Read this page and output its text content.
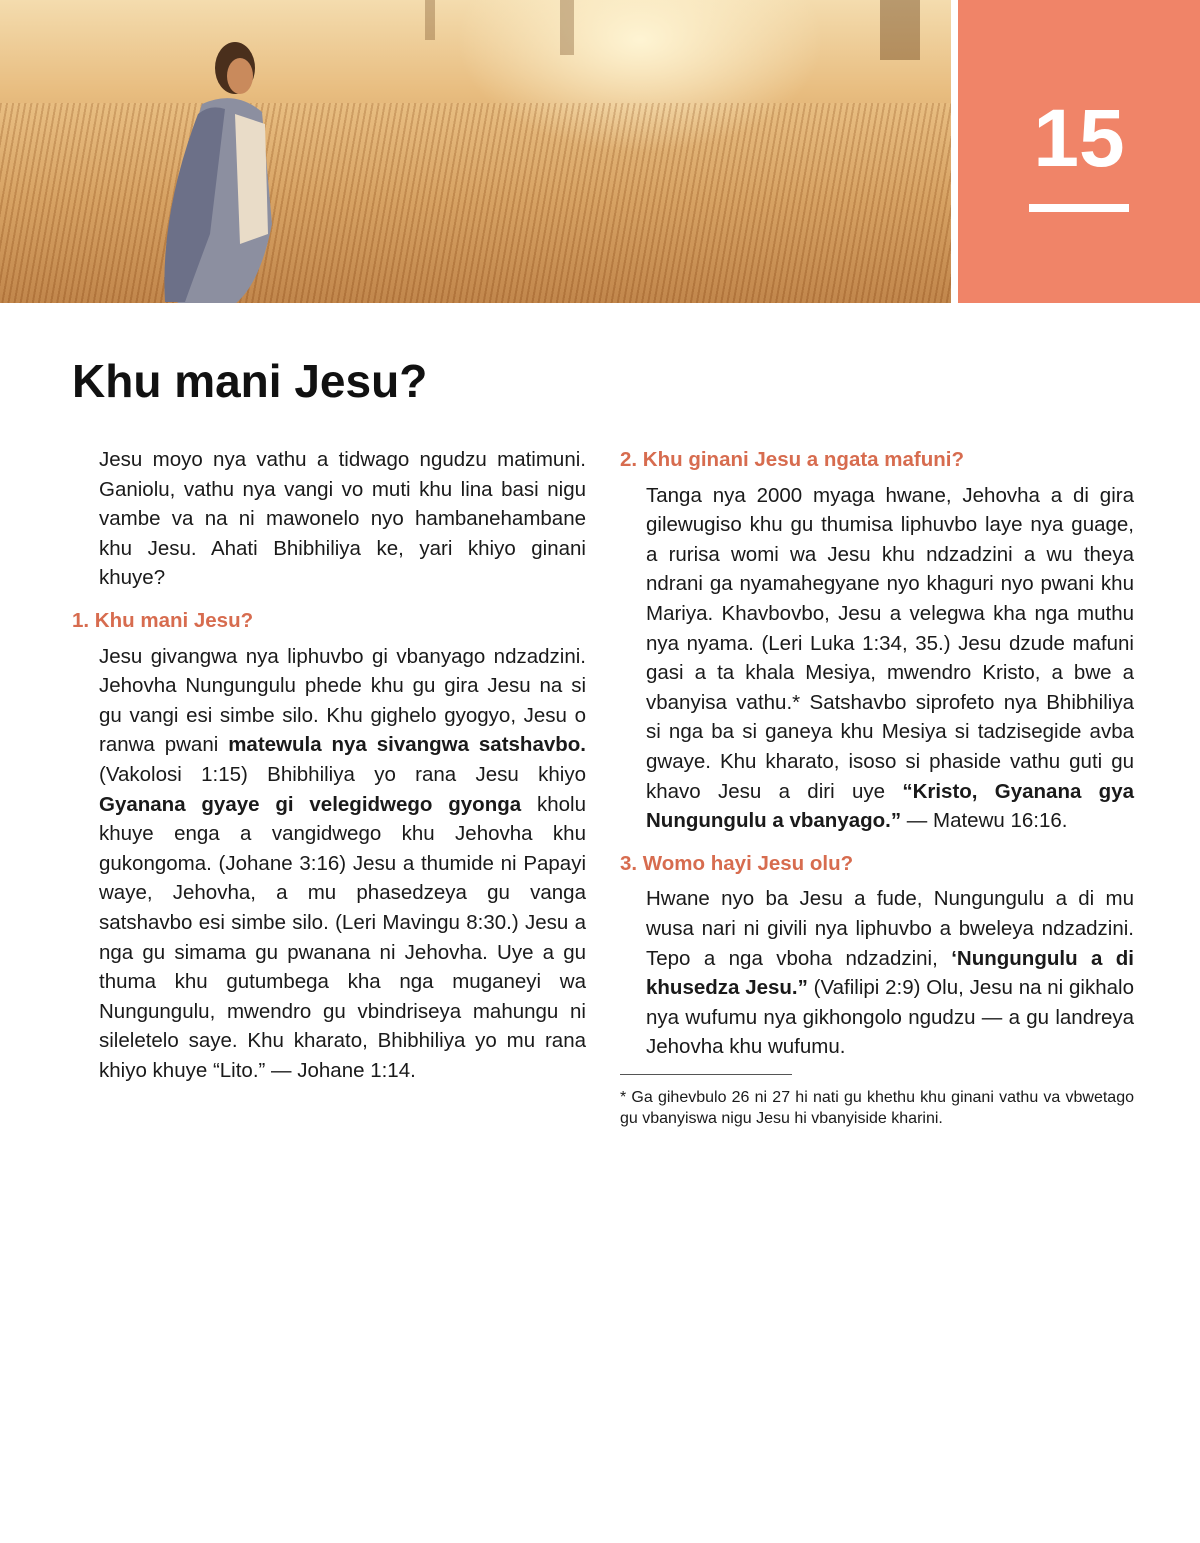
15
Khu mani Jesu?

Jesu moyo nya vathu a tidwago ngudzu matimuni. Ganiolu, vathu nya vangi vo muti khu lina basi nigu vambe va na ni mawonelo nyo hambanehambane khu Jesu. Ahati Bhibhiliya ke, yari khiyo ginani khuye?

1. Khu mani Jesu?

Jesu givangwa nya liphuvbo gi vbanyago ndzadzini. Jehovha Nungungulu phede khu gu gira Jesu na si gu vangi esi simbe silo. Khu gighelo gyogyo, Jesu o ranwa pwani matewula nya sivangwa satshavbo. (Vakolosi 1:15) Bhibhiliya yo rana Jesu khiyo Gyanana gyaye gi velegidwego gyonga kholu khuye enga a vangidwego khu Jehovha khu gukongoma. (Johane 3:16) Jesu a thumide ni Papayi waye, Jehovha, a mu phasedzeya gu vanga satshavbo esi simbe silo. (Leri Mavingu 8:30.) Jesu a nga gu simama gu pwanana ni Jehovha. Uye a gu thuma khu gutumbega kha nga muganeyi wa Nungungulu, mwendro gu vbindriseya mahungu ni sileletelo saye. Khu kharato, Bhibhiliya yo mu rana khiyo khuye “Lito.” — Johane 1:14.

2. Khu ginani Jesu a ngata mafuni?

Tanga nya 2000 myaga hwane, Jehovha a di gira gilewugiso khu gu thumisa liphuvbo laye nya guage, a rurisa womi wa Jesu khu ndzadzini a wu theya ndrani ga nyamahegyane nyo khaguri nyo pwani khu Mariya. Khavbovbo, Jesu a velegwa kha nga muthu nya nyama. (Leri Luka 1:34, 35.) Jesu dzude mafuni gasi a ta khala Mesiya, mwendro Kristo, a bwe a vbanyisa vathu.* Satshavbo siprofeto nya Bhibhiliya si nga ba si ganeya khu Mesiya si tadzisegide avba gwaye. Khu kharato, isoso si phaside vathu guti gu khavo Jesu a diri uye “Kristo, Gyanana gya Nungungulu a vbanyago.” — Matewu 16:16.

3. Womo hayi Jesu olu?

Hwane nyo ba Jesu a fude, Nungungulu a di mu wusa nari ni givili nya liphuvbo a bweleya ndzadzini. Tepo a nga vboha ndzadzini, ‘Nungungulu a di khusedza Jesu.” (Vafilipi 2:9) Olu, Jesu na ni gikhalo nya wufumu nya gikhongolo ngudzu — a gu landreya Jehovha khu wufumu.

* Ga gihevbulo 26 ni 27 hi nati gu khethu khu ginani vathu va vbwetago gu vbanyiswa nigu Jesu hi vbanyiside kharini.
